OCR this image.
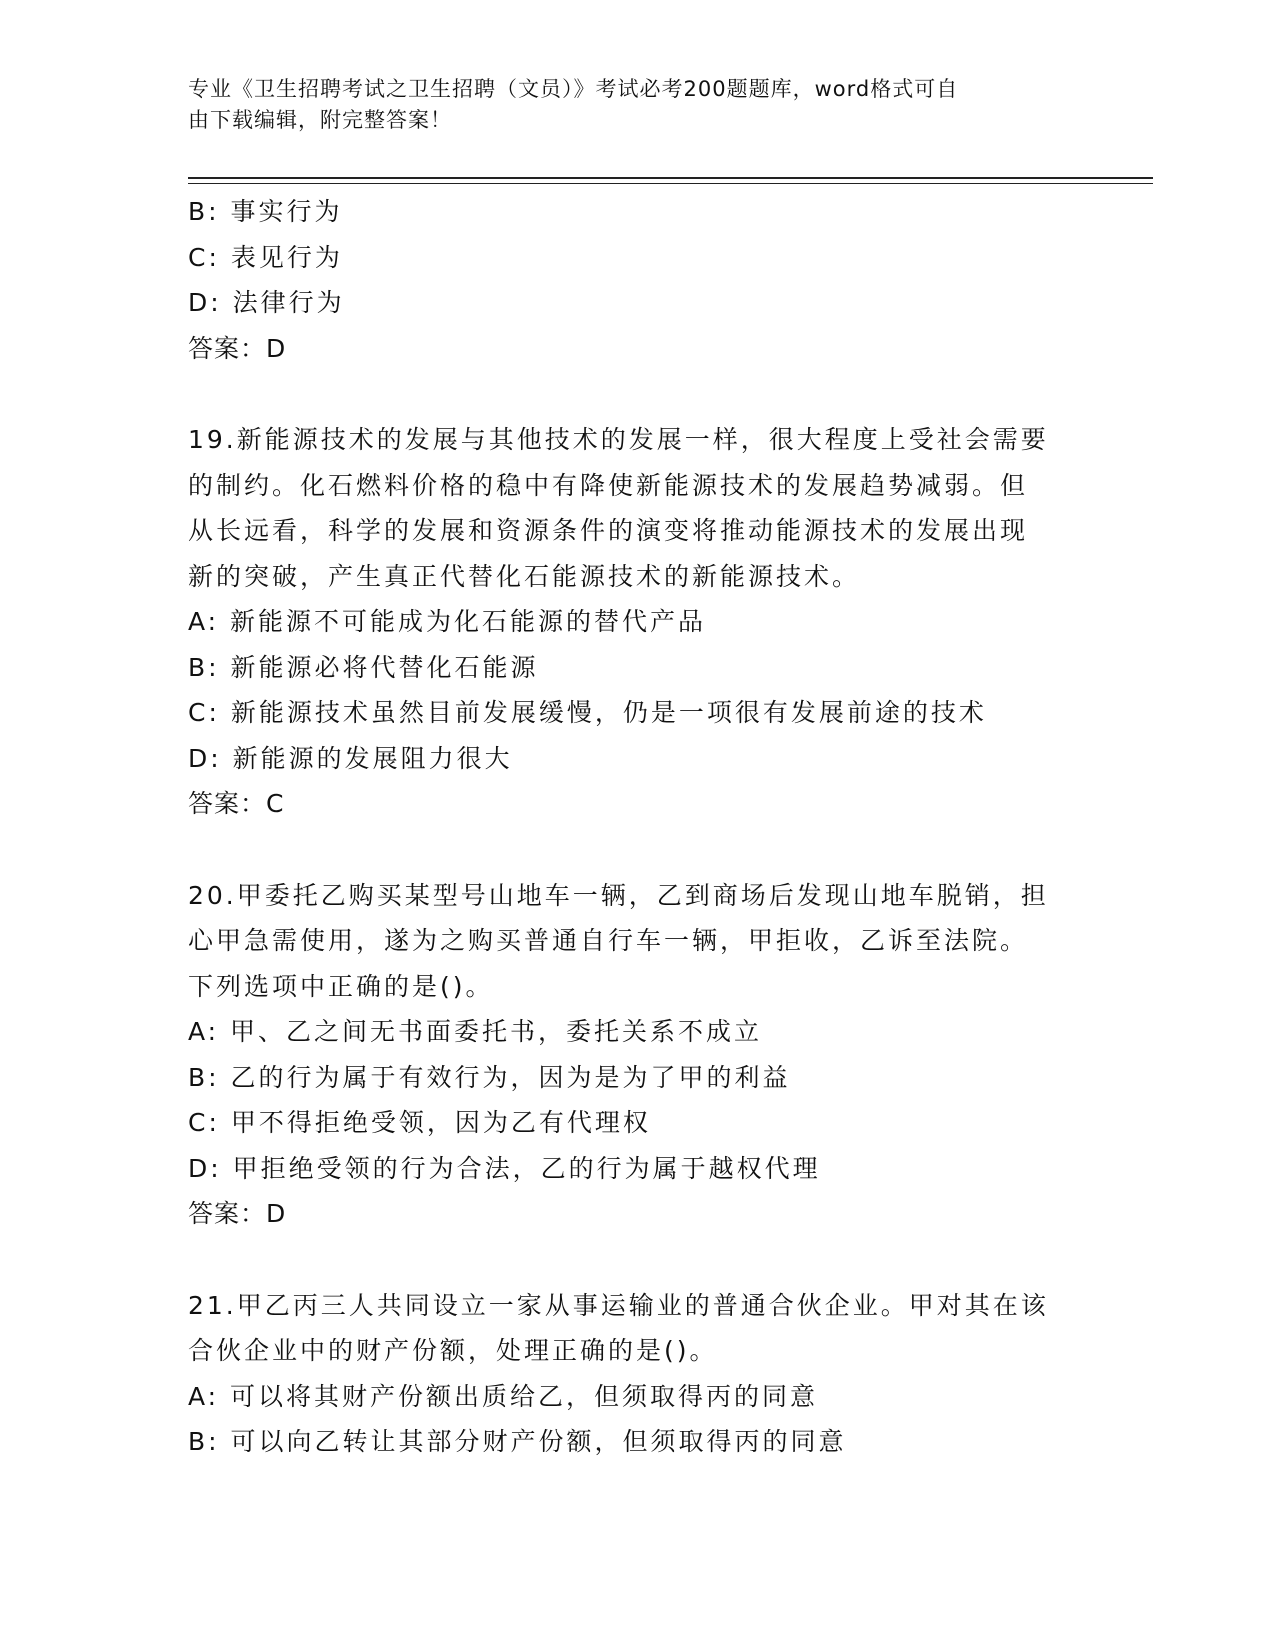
专业《卫生招聘考试之卫生招聘（文员）》考试必考200题题库，word格式可自
由下载编辑，附完整答案！
B: 事实行为
C: 表见行为
D: 法律行为
答案：D
19.新能源技术的发展与其他技术的发展一样，很大程度上受社会需要
的制约。化石燃料价格的稳中有降使新能源技术的发展趋势减弱。但
从长远看，科学的发展和资源条件的演变将推动能源技术的发展出现
新的突破，产生真正代替化石能源技术的新能源技术。
A: 新能源不可能成为化石能源的替代产品
B: 新能源必将代替化石能源
C: 新能源技术虽然目前发展缓慢，仍是一项很有发展前途的技术
D: 新能源的发展阻力很大
答案：C
20.甲委托乙购买某型号山地车一辆，乙到商场后发现山地车脱销，担
心甲急需使用，遂为之购买普通自行车一辆，甲拒收，乙诉至法院。
下列选项中正确的是()。
A: 甲、乙之间无书面委托书，委托关系不成立
B: 乙的行为属于有效行为，因为是为了甲的利益
C: 甲不得拒绝受领，因为乙有代理权
D: 甲拒绝受领的行为合法，乙的行为属于越权代理
答案：D
21.甲乙丙三人共同设立一家从事运输业的普通合伙企业。甲对其在该
合伙企业中的财产份额，处理正确的是()。
A: 可以将其财产份额出质给乙，但须取得丙的同意
B: 可以向乙转让其部分财产份额，但须取得丙的同意
